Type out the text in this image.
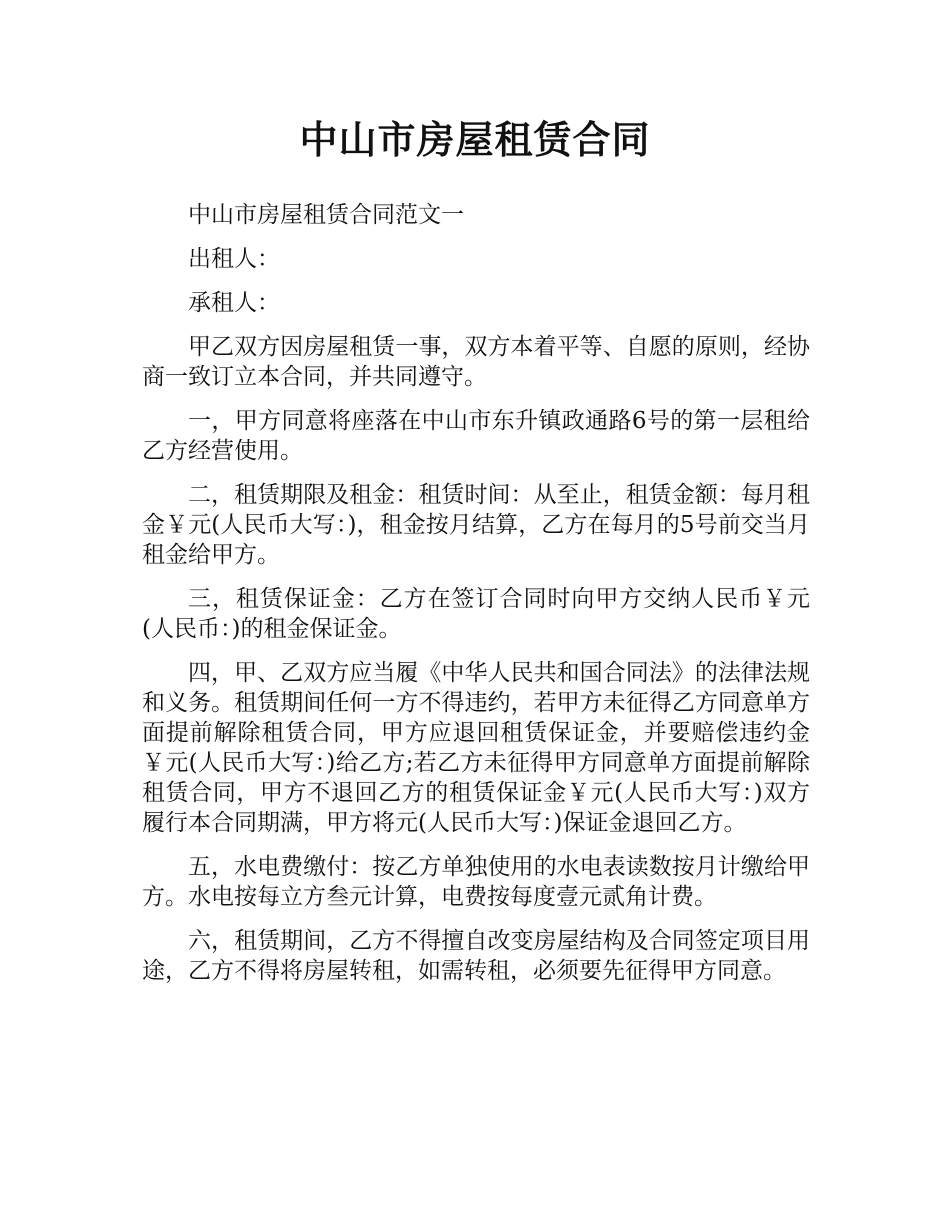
中山市房屋租赁合同

中山市房屋租赁合同范文一

出租人：

承租人：

甲乙双方因房屋租赁一事，双方本着平等、自愿的原则，经协商一致订立本合同，并共同遵守。

一，甲方同意将座落在中山市东升镇政通路6号的第一层租给乙方经营使用。

二，租赁期限及租金：租赁时间：从至止，租赁金额：每月租金￥元(人民币大写：)，租金按月结算，乙方在每月的5号前交当月租金给甲方。

三，租赁保证金：乙方在签订合同时向甲方交纳人民币￥元(人民币：)的租金保证金。

四，甲、乙双方应当履《中华人民共和国合同法》的法律法规和义务。租赁期间任何一方不得违约，若甲方未征得乙方同意单方面提前解除租赁合同，甲方应退回租赁保证金，并要赔偿违约金￥元(人民币大写：)给乙方;若乙方未征得甲方同意单方面提前解除租赁合同，甲方不退回乙方的租赁保证金￥元(人民币大写：)双方履行本合同期满，甲方将元(人民币大写：)保证金退回乙方。

五，水电费缴付：按乙方单独使用的水电表读数按月计缴给甲方。水电按每立方叁元计算，电费按每度壹元贰角计费。

六，租赁期间，乙方不得擅自改变房屋结构及合同签定项目用途，乙方不得将房屋转租，如需转租，必须要先征得甲方同意。
